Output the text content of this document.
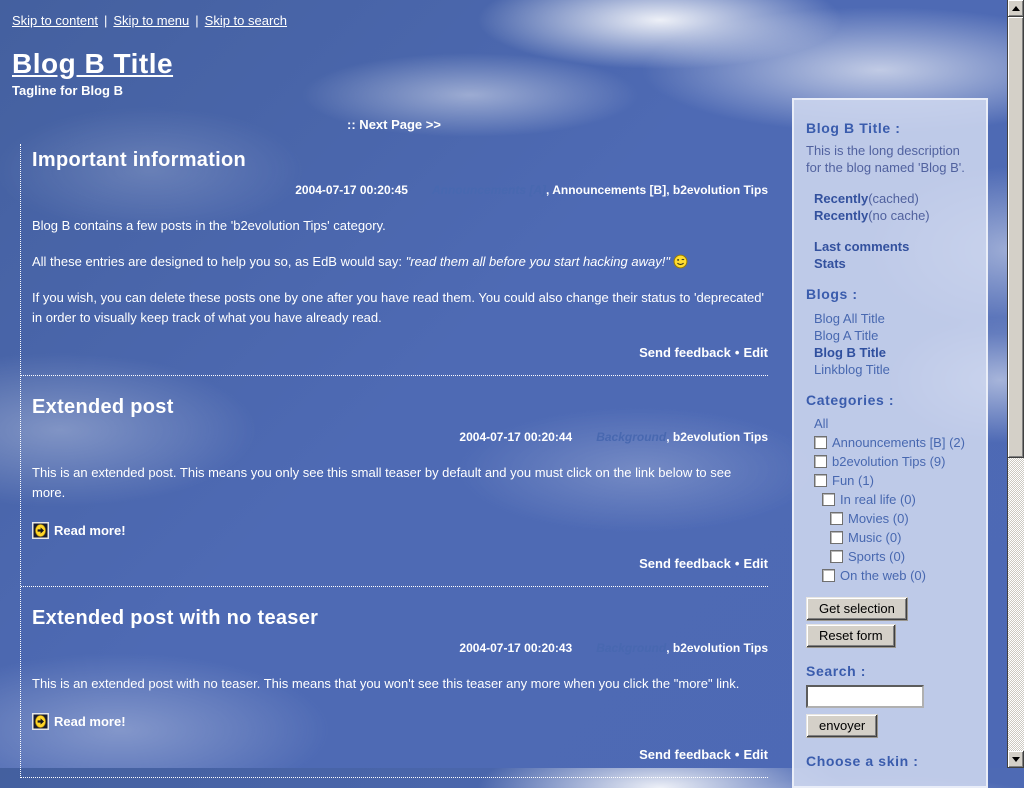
Skip to content | Skip to menu | Skip to search
Blog B Title
Tagline for Blog B
:: Next Page >>
Important information
2004-07-17 00:20:45 Announcements [A], Announcements [B], b2evolution Tips

Blog B contains a few posts in the 'b2evolution Tips' category.

All these entries are designed to help you so, as EdB would say: "read them all before you start hacking away!"

If you wish, you can delete these posts one by one after you have read them. You could also change their status to 'deprecated' in order to visually keep track of what you have already read.

Send feedback • Edit
Extended post
2004-07-17 00:20:44 Background, b2evolution Tips

This is an extended post. This means you only see this small teaser by default and you must click on the link below to see more.

Read more!
Send feedback • Edit
Extended post with no teaser
2004-07-17 00:20:43 Background, b2evolution Tips

This is an extended post with no teaser. This means that you won't see this teaser any more when you click the "more" link.

Read more!
Send feedback • Edit
Blog B Title :
This is the long description for the blog named 'Blog B'.
Recently(cached)
Recently(no cache)
Last comments
Stats
Blogs :
Blog All Title
Blog A Title
Blog B Title
Linkblog Title
Categories :
All
Announcements [B] (2)
b2evolution Tips (9)
Fun (1)
In real life (0)
Movies (0)
Music (0)
Sports (0)
On the web (0)
Get selection
Reset form
Search :
envoyer
Choose a skin :
